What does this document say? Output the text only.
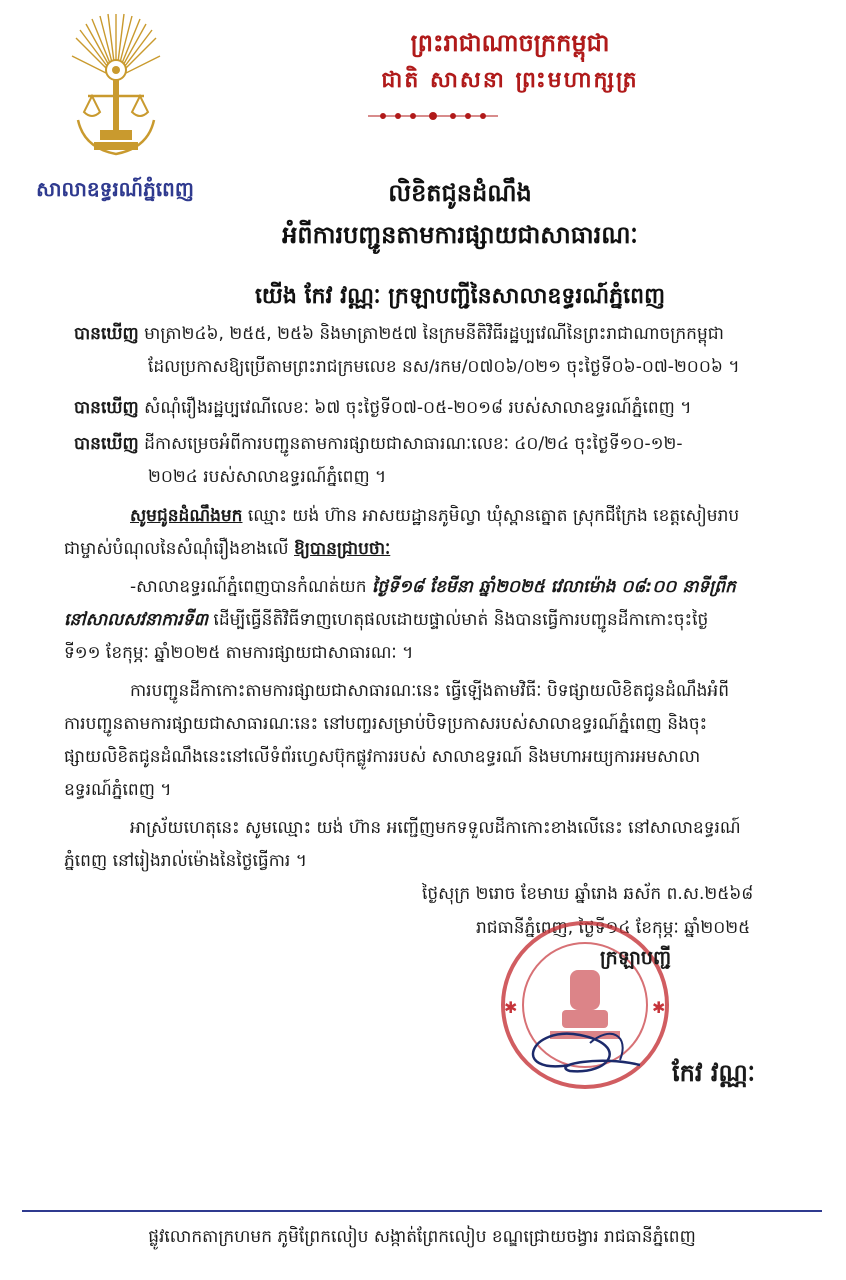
សាលាឧទ្ធរណ៍ភ្នំពេញ
ព្រះរាជាណាចក្រកម្ពុជា
ជាតិ សាសនា ព្រះមហាក្សត្រ
លិខិតជូនដំណឹង
អំពីការបញ្ជូនតាមការផ្សាយជាសាធារណៈ
យើង កែវ វណ្ណៈ ក្រឡាបញ្ជីនៃសាលាឧទ្ធរណ៍ភ្នំពេញ
បានឃើញ មាត្រា២៤៦, ២៥៥, ២៥៦ និងមាត្រា២៥៧ នៃក្រមនីតិវិធីរដ្ឋប្បវេណីនៃព្រះរាជាណាចក្រកម្ពុជា
ដែលប្រកាសឱ្យប្រើតាមព្រះរាជក្រមលេខ នស/រកម/០៧០៦/០២១ ចុះថ្ងៃទី០៦-០៧-២០០៦ ។
បានឃើញ សំណុំរឿងរដ្ឋប្បវេណីលេខៈ ៦៧ ចុះថ្ងៃទី០៧-០៥-២០១៨ របស់សាលាឧទ្ធរណ៍ភ្នំពេញ ។
បានឃើញ ដីកាសម្រេចអំពីការបញ្ជូនតាមការផ្សាយជាសាធារណៈលេខៈ ៤០/២៤ ចុះថ្ងៃទី១០-១២-
២០២៤ របស់សាលាឧទ្ធរណ៍ភ្នំពេញ ។
សូមជូនដំណឹងមក ឈ្មោះ យង់ ហ៊ាន អាសយដ្ឋានភូមិល្វា ឃុំស្ពានត្នោត ស្រុកជីក្រែង ខេត្តសៀមរាប
ជាម្ចាស់បំណុលនៃសំណុំរឿងខាងលើ ឱ្យបានជ្រាបថាៈ
-សាលាឧទ្ធរណ៍ភ្នំពេញបានកំណត់យក ថ្ងៃទី១៨ ខែមីនា ឆ្នាំ២០២៥ វេលាម៉ោង ០៨:០០ នាទីព្រឹក
នៅសាលសវនាការទី៣ ដើម្បីធ្វើនីតិវិធីទាញហេតុផលដោយផ្ទាល់មាត់ និងបានធ្វើការបញ្ជូនដីកាកោះចុះថ្ងៃ
ទី១១ ខែកុម្ភៈ ឆ្នាំ២០២៥ តាមការផ្សាយជាសាធារណៈ ។
ការបញ្ជូនដីកាកោះតាមការផ្សាយជាសាធារណៈនេះ ធ្វើឡើងតាមវិធីៈ បិទផ្សាយលិខិតជូនដំណឹងអំពី
ការបញ្ជូនតាមការផ្សាយជាសាធារណៈនេះ នៅបញ្ចរសម្រាប់បិទប្រកាសរបស់សាលាឧទ្ធរណ៍ភ្នំពេញ និងចុះ
ផ្សាយលិខិតជូនដំណឹងនេះនៅលើទំព័រហ្វេសប៊ុកផ្លូវការរបស់ សាលាឧទ្ធរណ៍ និងមហាអយ្យការអមសាលា
ឧទ្ធរណ៍ភ្នំពេញ ។
អាស្រ័យហេតុនេះ សូមឈ្មោះ យង់ ហ៊ាន អញ្ជើញមកទទួលដីកាកោះខាងលើនេះ នៅសាលាឧទ្ធរណ៍
ភ្នំពេញ នៅរៀងរាល់ម៉ោងនៃថ្ងៃធ្វើការ ។
ថ្ងៃសុក្រ ២រោច ខែមាឃ ឆ្នាំរោង ឆស័ក ព.ស.២៥៦៨
រាជធានីភ្នំពេញ, ថ្ងៃទី១៤ ខែកុម្ភៈ ឆ្នាំ២០២៥
✱	✱
ក្រឡាបញ្ជី
កែវ វណ្ណៈ
ផ្លូវលោកតាក្រហមក ភូមិព្រែកលៀប សង្កាត់ព្រែកលៀប ខណ្ឌជ្រោយចង្វារ រាជធានីភ្នំពេញ
